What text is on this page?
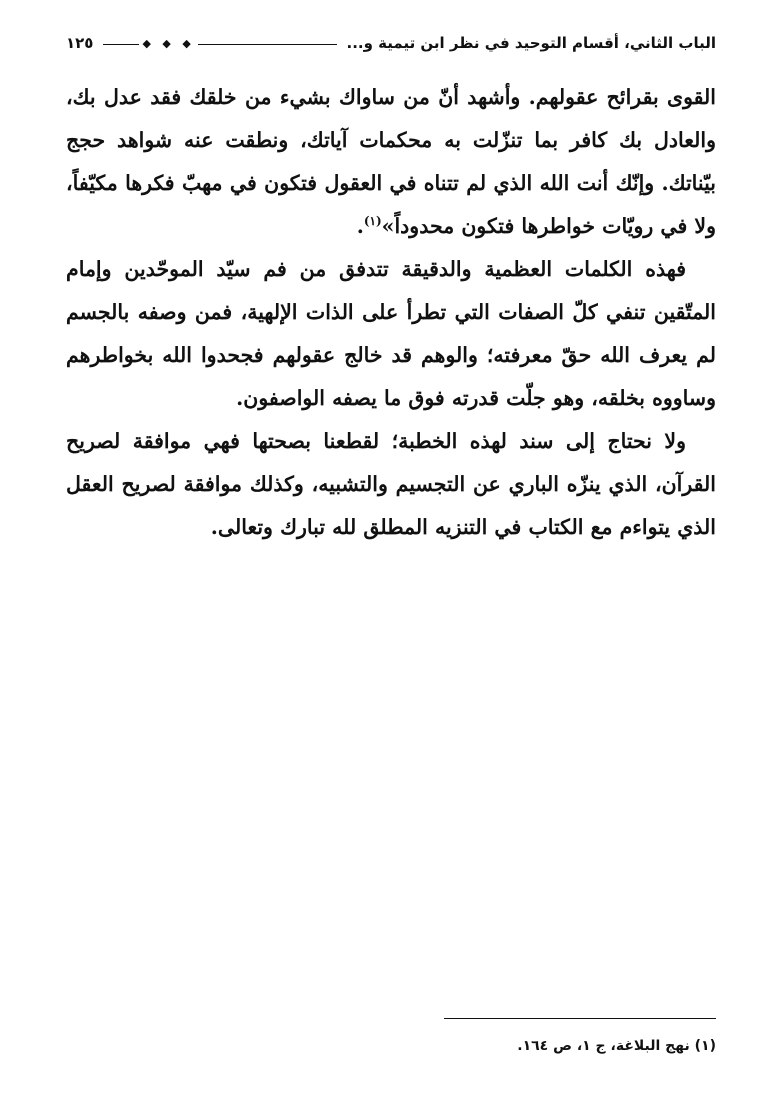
الباب الثاني، أقسام التوحيد في نظر ابن تيمية و...
◆ ◆ ◆
١٢٥

القوى بقرائح عقولهم. وأشهد أنّ من ساواك بشيء من خلقك فقد عدل بك، والعادل بك كافر بما تنزّلت به محكمات آياتك، ونطقت عنه شواهد حجج بيّناتك. وإنّك أنت الله الذي لم تتناه في العقول فتكون في مهبّ فكرها مكيّفاً، ولا في رويّات خواطرها فتكون محدوداً»$^{(١)}$.

فهذه الكلمات العظمية والدقيقة تتدفق من فم سيّد الموحّدين وإمام المتّقين تنفي كلّ الصفات التي تطرأ على الذات الإلهية، فمن وصفه بالجسم لم يعرف الله حقّ معرفته؛ والوهم قد خالج عقولهم فجحدوا الله بخواطرهم وساووه بخلقه، وهو جلّت قدرته فوق ما يصفه الواصفون.

ولا نحتاج إلى سند لهذه الخطبة؛ لقطعنا بصحتها فهي موافقة لصريح القرآن، الذي ينزّه الباري عن التجسيم والتشبيه، وكذلك موافقة لصريح العقل الذي يتواءم مع الكتاب في التنزيه المطلق لله تبارك وتعالى.

(١) نهج البلاغة، ج ١، ص ١٦٤.
